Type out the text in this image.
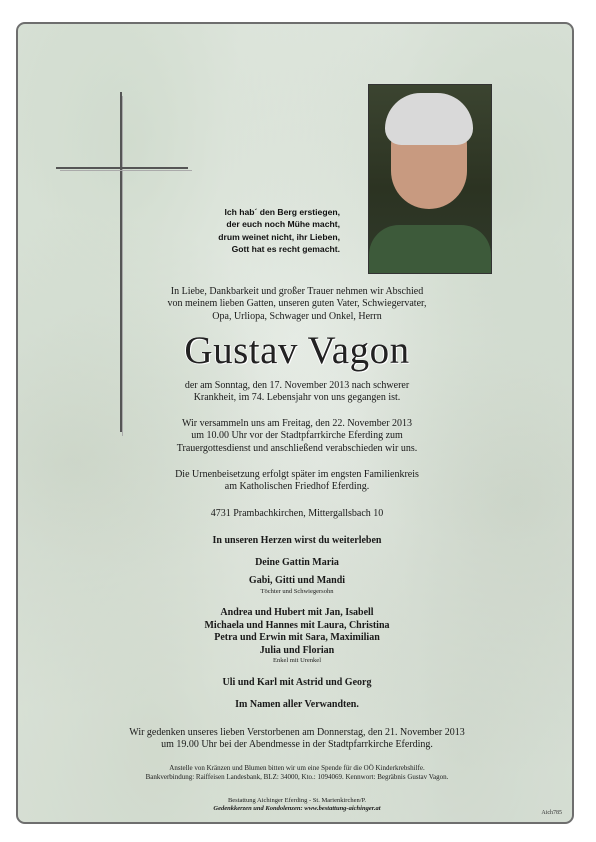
Ich hab´ den Berg erstiegen,
der euch noch Mühe macht,
drum weinet nicht, ihr Lieben,
Gott hat es recht gemacht.

In Liebe, Dankbarkeit und großer Trauer nehmen wir Abschied

von meinem lieben Gatten, unseren guten Vater, Schwiegervater,

Opa, Urliopa, Schwager und Onkel, Herrn

Gustav Vagon

der am Sonntag, den 17. November 2013 nach schwerer

Krankheit, im 74. Lebensjahr von uns gegangen ist.

Wir versammeln uns am Freitag, den 22. November 2013

um 10.00 Uhr vor der Stadtpfarrkirche Eferding zum

Trauergottesdienst und anschließend verabschieden wir uns.

Die Urnenbeisetzung erfolgt später im engsten Familienkreis

am Katholischen Friedhof Eferding.

4731 Prambachkirchen, Mittergallsbach 10
In unseren Herzen wirst du weiterleben
Deine Gattin Maria
Gabi, Gitti und Mandi
Töchter und Schwiegersohn
Andrea und Hubert mit Jan, Isabell
Michaela und Hannes mit Laura, Christina
Petra und Erwin mit Sara, Maximilian
Julia und Florian
Enkel mit Urenkel
Uli und Karl mit Astrid und Georg
Im Namen aller Verwandten.

Wir gedenken unseres lieben Verstorbenen am Donnerstag, den 21. November 2013

um 19.00 Uhr bei der Abendmesse in der Stadtpfarrkirche Eferding.

Anstelle von Kränzen und Blumen bitten wir um eine Spende für die OÖ Kinderkrebshilfe.
Bankverbindung: Raiffeisen Landesbank, BLZ: 34000, Kto.: 1094069. Kennwort: Begräbnis Gustav Vagon.
Bestattung Aichinger Eferding - St. Marienkirchen/P.
Gedenkkerzen und Kondolenzen: www.bestattung-aichinger.at
Aich785
